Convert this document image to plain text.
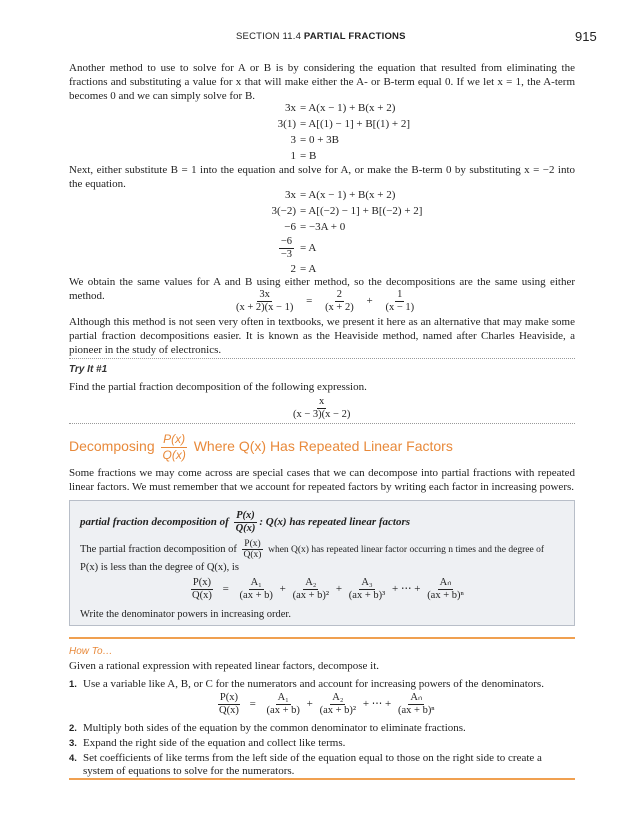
SECTION 11.4 PARTIAL FRACTIONS	915
Another method to use to solve for A or B is by considering the equation that resulted from eliminating the fractions and substituting a value for x that will make either the A- or B-term equal 0. If we let x = 1, the A-term becomes 0 and we can simply solve for B.
3x = A(x − 1) + B(x + 2)
3(1) = A[(1) − 1] + B[(1) + 2]
3 = 0 + 3B
1 = B
Next, either substitute B = 1 into the equation and solve for A, or make the B-term 0 by substituting x = −2 into the equation.
3x = A(x − 1) + B(x + 2)
3(−2) = A[(−2) − 1] + B[(−2) + 2]
−6 = −3A + 0
$\frac{-6}{-3} = A$
2 = A
We obtain the same values for A and B using either method, so the decompositions are the same using either method.	$\frac{3x}{(x + 2)(x - 1)} = \frac{2}{(x + 2)} + \frac{1}{(x - 1)}$
Although this method is not seen very often in textbooks, we present it here as an alternative that may make some partial fraction decompositions easier. It is known as the Heaviside method, named after Charles Heaviside, a pioneer in the study of electronics.
Try It #1
Find the partial fraction decomposition of the following expression.
$\frac{x}{(x - 3)(x - 2)}$
Decomposing $\frac{P(x)}{Q(x)}$ Where Q(x) Has Repeated Linear Factors
Some fractions we may come across are special cases that we can decompose into partial fractions with repeated linear factors. We must remember that we account for repeated factors by writing each factor in increasing powers.
partial fraction decomposition of $\frac{P(x)}{Q(x)}$ : Q(x) has repeated linear factors
The partial fraction decomposition of $\frac{P(x)}{Q(x)}$ when Q(x) has repeated linear factor occurring n times and the degree of
P(x) is less than the degree of Q(x), is
$\frac{P(x)}{Q(x)} = \frac{\text{A₁}}{(ax + b)} + \frac{\text{A₂}}{\text{(ax + b)²}} + \frac{\text{A₃}}{\text{(ax + b)³}}$ + ⋅⋅⋅ + $\frac{\text{Aₙ}}{\text{(ax + b)ⁿ}}$
Write the denominator powers in increasing order.
How To…
Given a rational expression with repeated linear factors, decompose it.
1. Use a variable like A, B, or C for the numerators and account for increasing powers of the denominators.
$\frac{P(x)}{Q(x)} = \frac{\text{A₁}}{(ax + b)} + \frac{\text{A₂}}{\text{(ax + b)²}}$ + ⋅⋅⋅ + $\frac{\text{Aₙ}}{\text{(ax + b)ⁿ}}$
2. Multiply both sides of the equation by the common denominator to eliminate fractions.
3. Expand the right side of the equation and collect like terms.
4. Set coefficients of like terms from the left side of the equation equal to those on the right side to create a system of equations to solve for the numerators.
